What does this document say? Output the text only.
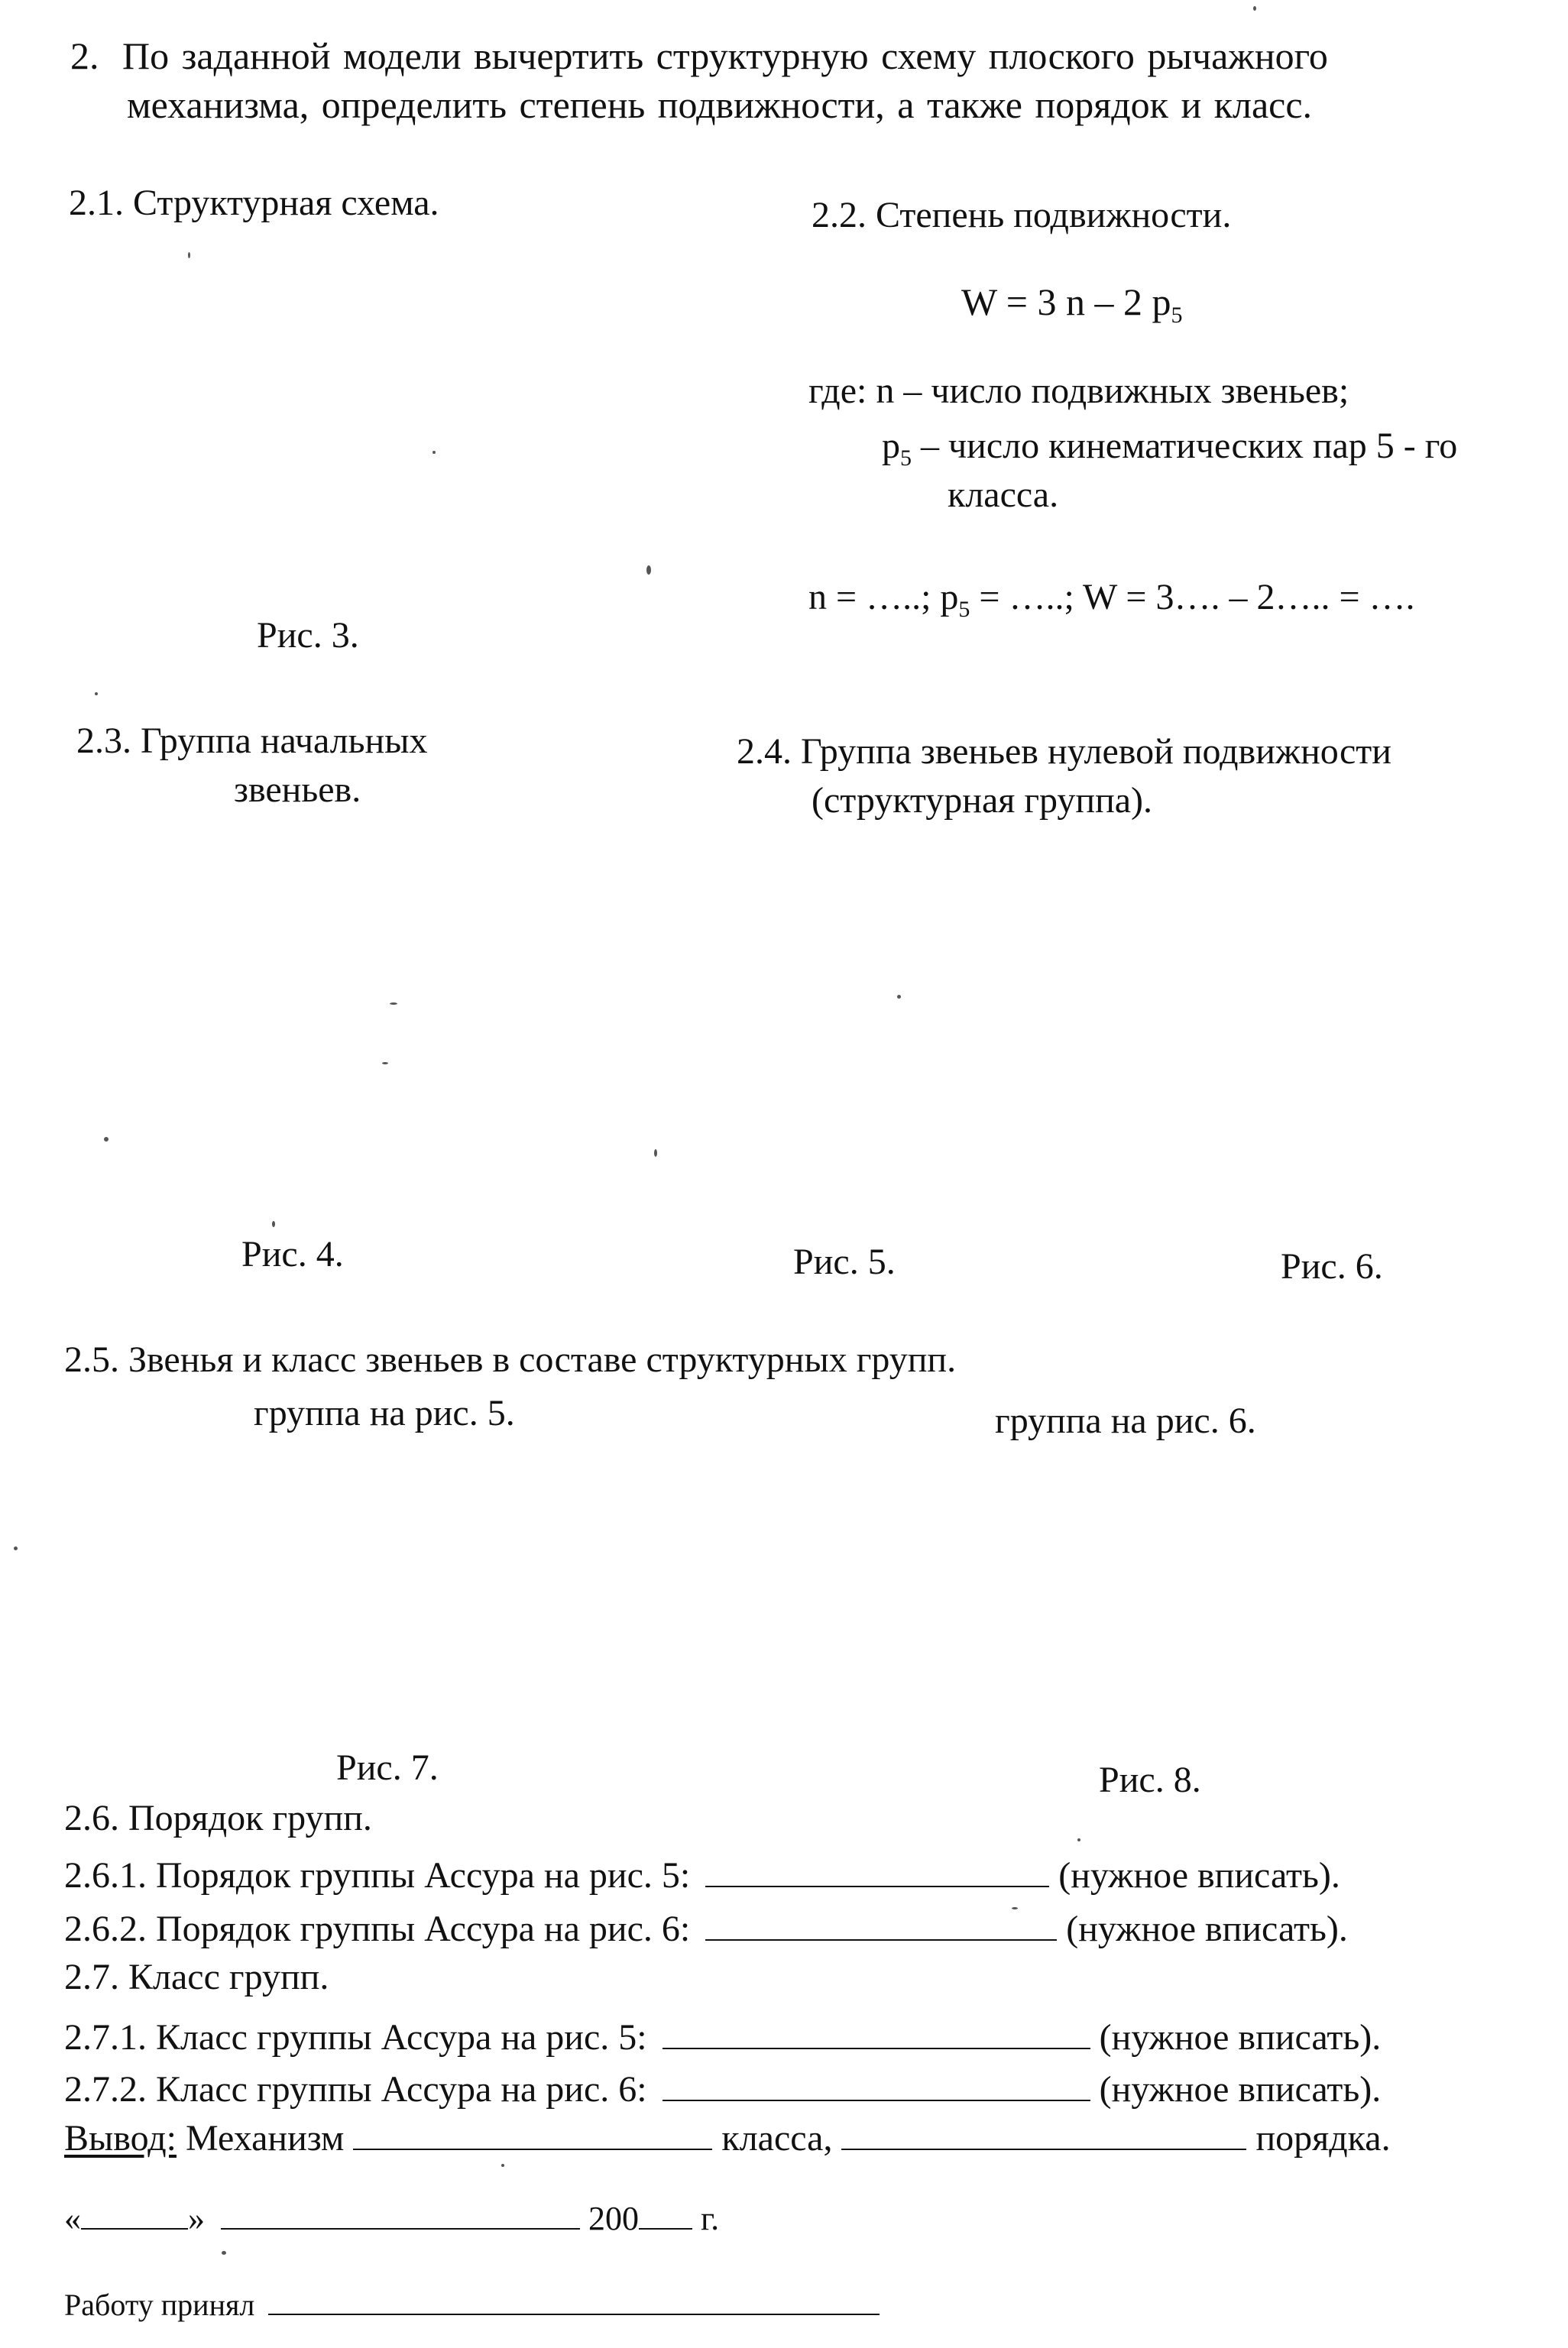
2. По заданной модели вычертить структурную схему плоского рычажного
механизма, определить степень подвижности, а также порядок и класс.
2.1. Структурная схема.	2.2. Степень подвижности.
W = 3 n – 2 $p_5$
где: n – число подвижных звеньев;
$p_5$ – число кинематических пар 5 - го
класса.
n = …..; $p_5$ = …..; W = 3…. – 2….. = ….
Рис. 3.
2.3. Группа начальных
звеньев.
2.4. Группа звеньев нулевой подвижности
(структурная группа).
Рис. 4.	Рис. 5.	Рис. 6.
2.5. Звенья и класс звеньев в составе структурных групп.
группа на рис. 5.	группа на рис. 6.
Рис. 7.	Рис. 8.
2.6. Порядок групп.
2.6.1. Порядок группы Ассура на рис. 5:	(нужное вписать).
2.6.2. Порядок группы Ассура на рис. 6:	(нужное вписать).
2.7. Класс групп.
2.7.1. Класс группы Ассура на рис. 5:	(нужное вписать).
2.7.2. Класс группы Ассура на рис. 6:	(нужное вписать).
Вывод: Механизм	класса,	порядка.
«	»	200 г.
Работу принял
